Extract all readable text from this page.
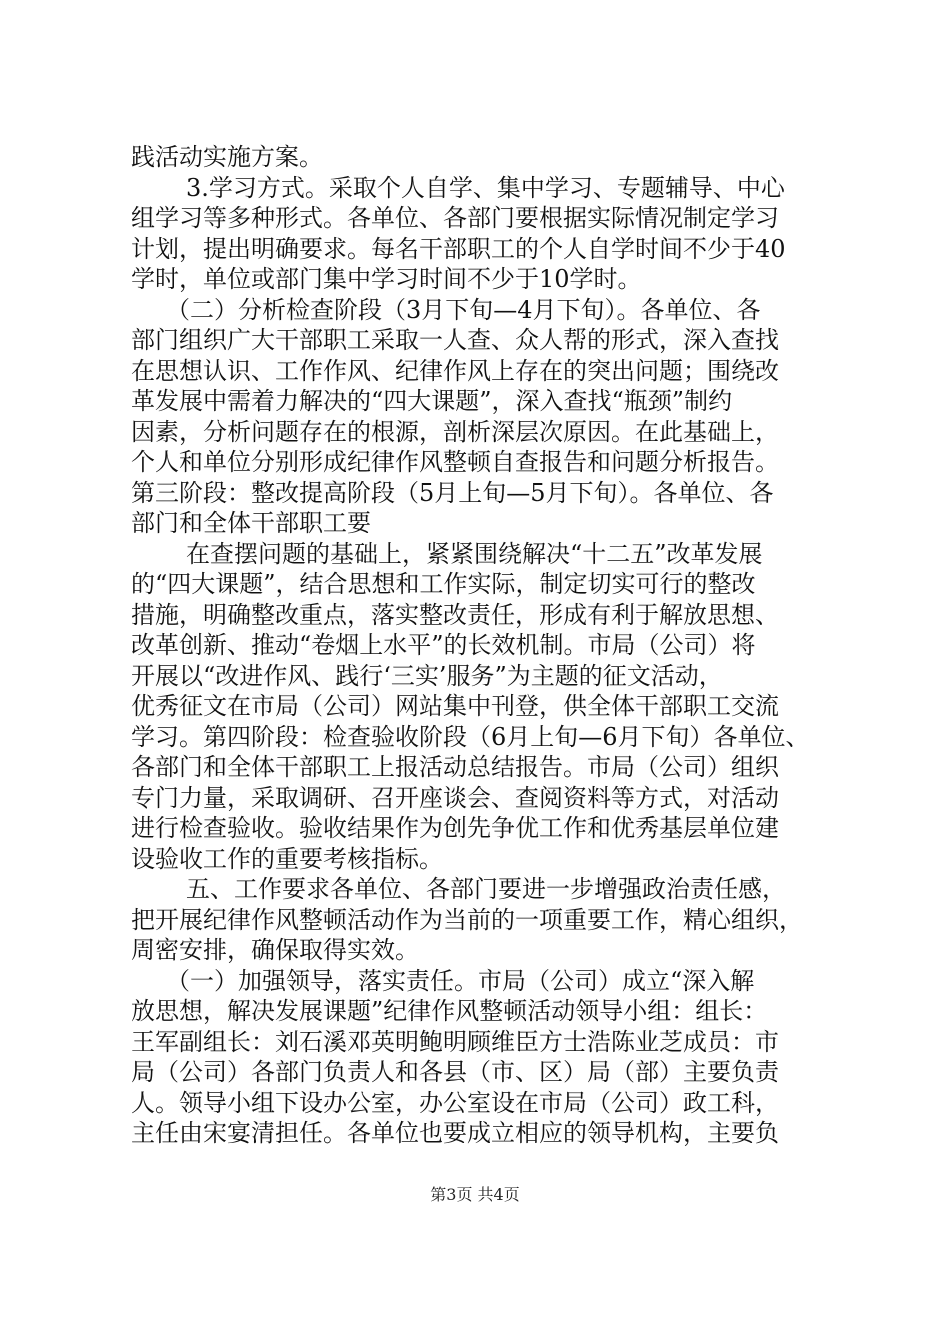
践活动实施方案。
3.学习方式。采取个人自学、集中学习、专题辅导、中心
组学习等多种形式。各单位、各部门要根据实际情况制定学习
计划，提出明确要求。每名干部职工的个人自学时间不少于40
学时，单位或部门集中学习时间不少于10学时。
（二）分析检查阶段（3月下旬—4月下旬）。各单位、各
部门组织广大干部职工采取一人查、众人帮的形式，深入查找
在思想认识、工作作风、纪律作风上存在的突出问题；围绕改
革发展中需着力解决的“四大课题”，深入查找“瓶颈”制约
因素，分析问题存在的根源，剖析深层次原因。在此基础上，
个人和单位分别形成纪律作风整顿自查报告和问题分析报告。
第三阶段：整改提高阶段（5月上旬—5月下旬）。各单位、各
部门和全体干部职工要
在查摆问题的基础上，紧紧围绕解决“十二五”改革发展
的“四大课题”，结合思想和工作实际，制定切实可行的整改
措施，明确整改重点，落实整改责任，形成有利于解放思想、
改革创新、推动“卷烟上水平”的长效机制。市局（公司）将
开展以“改进作风、践行‘三实’服务”为主题的征文活动，
优秀征文在市局（公司）网站集中刊登，供全体干部职工交流
学习。第四阶段：检查验收阶段（6月上旬—6月下旬）各单位、
各部门和全体干部职工上报活动总结报告。市局（公司）组织
专门力量，采取调研、召开座谈会、查阅资料等方式，对活动
进行检查验收。验收结果作为创先争优工作和优秀基层单位建
设验收工作的重要考核指标。
五、工作要求各单位、各部门要进一步增强政治责任感，
把开展纪律作风整顿活动作为当前的一项重要工作，精心组织，
周密安排，确保取得实效。
（一）加强领导，落实责任。市局（公司）成立“深入解
放思想，解决发展课题”纪律作风整顿活动领导小组：组长：
王军副组长：刘石溪邓英明鲍明顾维臣方士浩陈业芝成员：市
局（公司）各部门负责人和各县（市、区）局（部）主要负责
人。领导小组下设办公室，办公室设在市局（公司）政工科，
主任由宋宴清担任。各单位也要成立相应的领导机构，主要负
第3页 共4页
